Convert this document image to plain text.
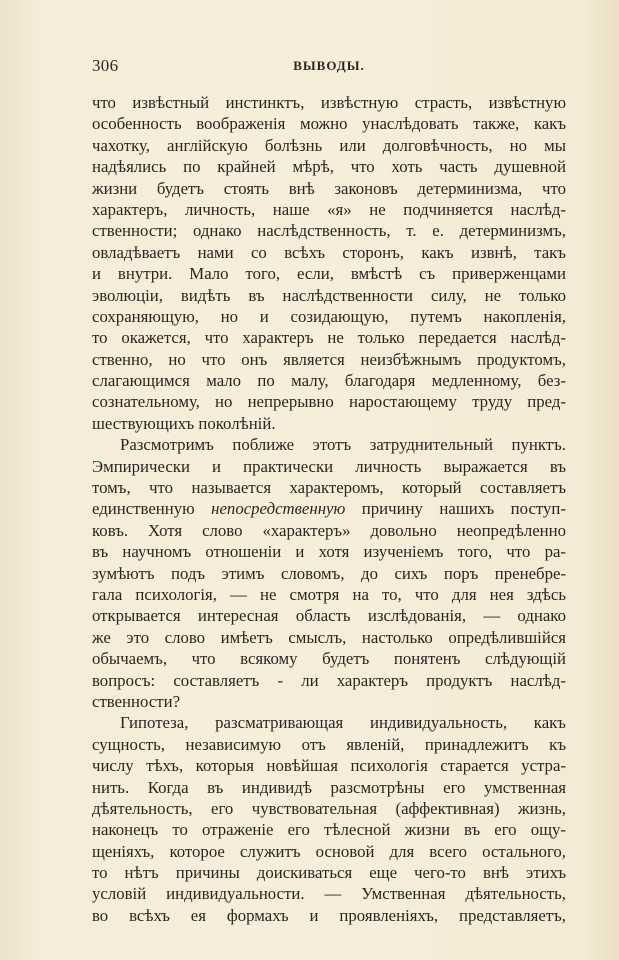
306	ВЫВОДЫ.
что извѣстный инстинктъ, извѣстную страсть, извѣстную
особенность воображенія можно унаслѣдовать также, какъ
чахотку, англійскую болѣзнь или долговѣчность, но мы
надѣялись по крайней мѣрѣ, что хоть часть душевной
жизни будетъ стоять внѣ законовъ детерминизма, что
характеръ, личность, наше «я» не подчиняется наслѣд-
ственности; однако наслѣдственность, т. е. детерминизмъ,
овладѣваетъ нами со всѣхъ сторонъ, какъ извнѣ, такъ
и внутри. Мало того, если, вмѣстѣ съ приверженцами
эволюціи, видѣть въ наслѣдственности силу, не только
сохраняющую, но и созидающую, путемъ накопленія,
то окажется, что характеръ не только передается наслѣд-
ственно, но что онъ является неизбѣжнымъ продуктомъ,
слагающимся мало по малу, благодаря медленному, без-
сознательному, но непрерывно наростающему труду пред-
шествующихъ поколѣній.
Разсмотримъ поближе этотъ затруднительный пунктъ.
Эмпирически и практически личность выражается въ
томъ, что называется характеромъ, который составляетъ
единственную непосредственную причину нашихъ поступ-
ковъ. Хотя слово «характеръ» довольно неопредѣленно
въ научномъ отношеніи и хотя изученіемъ того, что ра-
зумѣютъ подъ этимъ словомъ, до сихъ поръ пренебре-
гала психологія, — не смотря на то, что для нея здѣсь
открывается интересная область изслѣдованія, — однако
же это слово имѣетъ смыслъ, настолько опредѣлившійся
обычаемъ, что всякому будетъ понятенъ слѣдующій
вопросъ: составляетъ - ли характеръ продуктъ наслѣд-
ственности?
Гипотеза, разсматривающая индивидуальность, какъ
сущность, независимую отъ явленій, принадлежитъ къ
числу тѣхъ, которыя новѣйшая психологія старается устра-
нить. Когда въ индивидѣ разсмотрѣны его умственная
дѣятельность, его чувствовательная (аффективная) жизнь,
наконецъ то отраженіе его тѣлесной жизни въ его ощу-
щеніяхъ, которое служитъ основой для всего остального,
то нѣтъ причины доискиваться еще чего-то внѣ этихъ
условій индивидуальности. — Умственная дѣятельность,
во всѣхъ ея формахъ и проявленіяхъ, представляетъ,
